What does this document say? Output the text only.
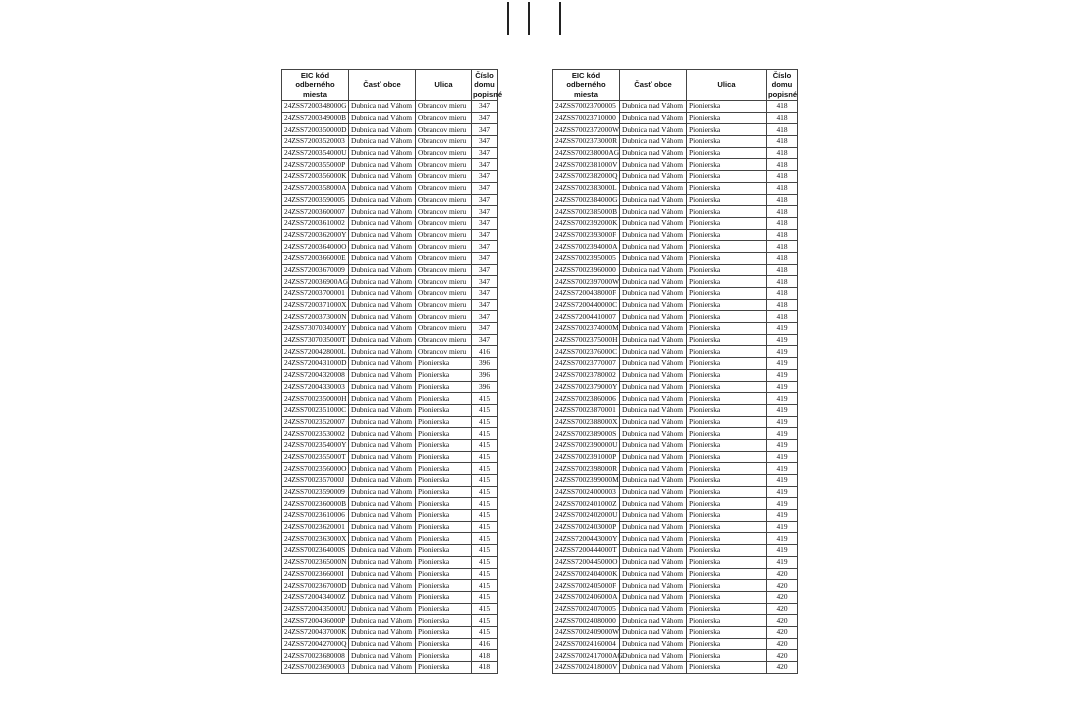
EIC kód odberného miesta	Časť obce	Ulica	Číslo domu popisné
24ZSS7200348000G	Dubnica nad Váhom	Obrancov mieru	347
24ZSS7200349000B	Dubnica nad Váhom	Obrancov mieru	347
24ZSS7200350000D	Dubnica nad Váhom	Obrancov mieru	347
24ZSS72003520003	Dubnica nad Váhom	Obrancov mieru	347
24ZSS7200354000U	Dubnica nad Váhom	Obrancov mieru	347
24ZSS7200355000P	Dubnica nad Váhom	Obrancov mieru	347
24ZSS7200356000K	Dubnica nad Váhom	Obrancov mieru	347
24ZSS7200358000A	Dubnica nad Váhom	Obrancov mieru	347
24ZSS72003590005	Dubnica nad Váhom	Obrancov mieru	347
24ZSS72003600007	Dubnica nad Váhom	Obrancov mieru	347
24ZSS72003610002	Dubnica nad Váhom	Obrancov mieru	347
24ZSS7200362000Y	Dubnica nad Váhom	Obrancov mieru	347
24ZSS7200364000O	Dubnica nad Váhom	Obrancov mieru	347
24ZSS7200366000E	Dubnica nad Váhom	Obrancov mieru	347
24ZSS72003670009	Dubnica nad Váhom	Obrancov mieru	347
24ZSS720036900AG	Dubnica nad Váhom	Obrancov mieru	347
24ZSS72003700001	Dubnica nad Váhom	Obrancov mieru	347
24ZSS7200371000X	Dubnica nad Váhom	Obrancov mieru	347
24ZSS7200373000N	Dubnica nad Váhom	Obrancov mieru	347
24ZSS7307034000Y	Dubnica nad Váhom	Obrancov mieru	347
24ZSS7307035000T	Dubnica nad Váhom	Obrancov mieru	347
24ZSS7200428000L	Dubnica nad Váhom	Obrancov mieru	416
24ZSS7200431000D	Dubnica nad Váhom	Pionierska	396
24ZSS72004320008	Dubnica nad Váhom	Pionierska	396
24ZSS72004330003	Dubnica nad Váhom	Pionierska	396
24ZSS7002350000H	Dubnica nad Váhom	Pionierska	415
24ZSS7002351000C	Dubnica nad Váhom	Pionierska	415
24ZSS70023520007	Dubnica nad Váhom	Pionierska	415
24ZSS70023530002	Dubnica nad Váhom	Pionierska	415
24ZSS7002354000Y	Dubnica nad Váhom	Pionierska	415
24ZSS7002355000T	Dubnica nad Váhom	Pionierska	415
24ZSS7002356000O	Dubnica nad Váhom	Pionierska	415
24ZSS7002357000J	Dubnica nad Váhom	Pionierska	415
24ZSS70023590009	Dubnica nad Váhom	Pionierska	415
24ZSS7002360000B	Dubnica nad Váhom	Pionierska	415
24ZSS70023610006	Dubnica nad Váhom	Pionierska	415
24ZSS70023620001	Dubnica nad Váhom	Pionierska	415
24ZSS7002363000X	Dubnica nad Váhom	Pionierska	415
24ZSS7002364000S	Dubnica nad Váhom	Pionierska	415
24ZSS7002365000N	Dubnica nad Váhom	Pionierska	415
24ZSS7002366000I	Dubnica nad Váhom	Pionierska	415
24ZSS7002367000D	Dubnica nad Váhom	Pionierska	415
24ZSS7200434000Z	Dubnica nad Váhom	Pionierska	415
24ZSS7200435000U	Dubnica nad Váhom	Pionierska	415
24ZSS7200436000P	Dubnica nad Váhom	Pionierska	415
24ZSS7200437000K	Dubnica nad Váhom	Pionierska	415
24ZSS7200427000Q	Dubnica nad Váhom	Pionierska	416
24ZSS70023680008	Dubnica nad Váhom	Pionierska	418
24ZSS70023690003	Dubnica nad Váhom	Pionierska	418
EIC kód odberného miesta	Časť obce	Ulica	Číslo domu popisné
24ZSS70023700005	Dubnica nad Váhom	Pionierska	418
24ZSS70023710000	Dubnica nad Váhom	Pionierska	418
24ZSS7002372000W	Dubnica nad Váhom	Pionierska	418
24ZSS7002373000R	Dubnica nad Váhom	Pionierska	418
24ZSS700238000AG	Dubnica nad Váhom	Pionierska	418
24ZSS7002381000V	Dubnica nad Váhom	Pionierska	418
24ZSS7002382000Q	Dubnica nad Váhom	Pionierska	418
24ZSS7002383000L	Dubnica nad Váhom	Pionierska	418
24ZSS7002384000G	Dubnica nad Váhom	Pionierska	418
24ZSS7002385000B	Dubnica nad Váhom	Pionierska	418
24ZSS7002392000K	Dubnica nad Váhom	Pionierska	418
24ZSS7002393000F	Dubnica nad Váhom	Pionierska	418
24ZSS7002394000A	Dubnica nad Váhom	Pionierska	418
24ZSS70023950005	Dubnica nad Váhom	Pionierska	418
24ZSS70023960000	Dubnica nad Váhom	Pionierska	418
24ZSS7002397000W	Dubnica nad Váhom	Pionierska	418
24ZSS7200438000F	Dubnica nad Váhom	Pionierska	418
24ZSS7200440000C	Dubnica nad Váhom	Pionierska	418
24ZSS72004410007	Dubnica nad Váhom	Pionierska	418
24ZSS7002374000M	Dubnica nad Váhom	Pionierska	419
24ZSS7002375000H	Dubnica nad Váhom	Pionierska	419
24ZSS7002376000C	Dubnica nad Váhom	Pionierska	419
24ZSS70023770007	Dubnica nad Váhom	Pionierska	419
24ZSS70023780002	Dubnica nad Váhom	Pionierska	419
24ZSS7002379000Y	Dubnica nad Váhom	Pionierska	419
24ZSS70023860006	Dubnica nad Váhom	Pionierska	419
24ZSS70023870001	Dubnica nad Váhom	Pionierska	419
24ZSS7002388000X	Dubnica nad Váhom	Pionierska	419
24ZSS7002389000S	Dubnica nad Váhom	Pionierska	419
24ZSS7002390000U	Dubnica nad Váhom	Pionierska	419
24ZSS7002391000P	Dubnica nad Váhom	Pionierska	419
24ZSS7002398000R	Dubnica nad Váhom	Pionierska	419
24ZSS7002399000M	Dubnica nad Váhom	Pionierska	419
24ZSS70024000003	Dubnica nad Váhom	Pionierska	419
24ZSS7002401000Z	Dubnica nad Váhom	Pionierska	419
24ZSS7002402000U	Dubnica nad Váhom	Pionierska	419
24ZSS7002403000P	Dubnica nad Váhom	Pionierska	419
24ZSS7200443000Y	Dubnica nad Váhom	Pionierska	419
24ZSS7200444000T	Dubnica nad Váhom	Pionierska	419
24ZSS7200445000O	Dubnica nad Váhom	Pionierska	419
24ZSS7002404000K	Dubnica nad Váhom	Pionierska	420
24ZSS7002405000F	Dubnica nad Váhom	Pionierska	420
24ZSS7002406000A	Dubnica nad Váhom	Pionierska	420
24ZSS70024070005	Dubnica nad Váhom	Pionierska	420
24ZSS70024080000	Dubnica nad Váhom	Pionierska	420
24ZSS7002409000W	Dubnica nad Váhom	Pionierska	420
24ZSS70024160004	Dubnica nad Váhom	Pionierska	420
24ZSS7002417000AG	Dubnica nad Váhom	Pionierska	420
24ZSS7002418000V	Dubnica nad Váhom	Pionierska	420
